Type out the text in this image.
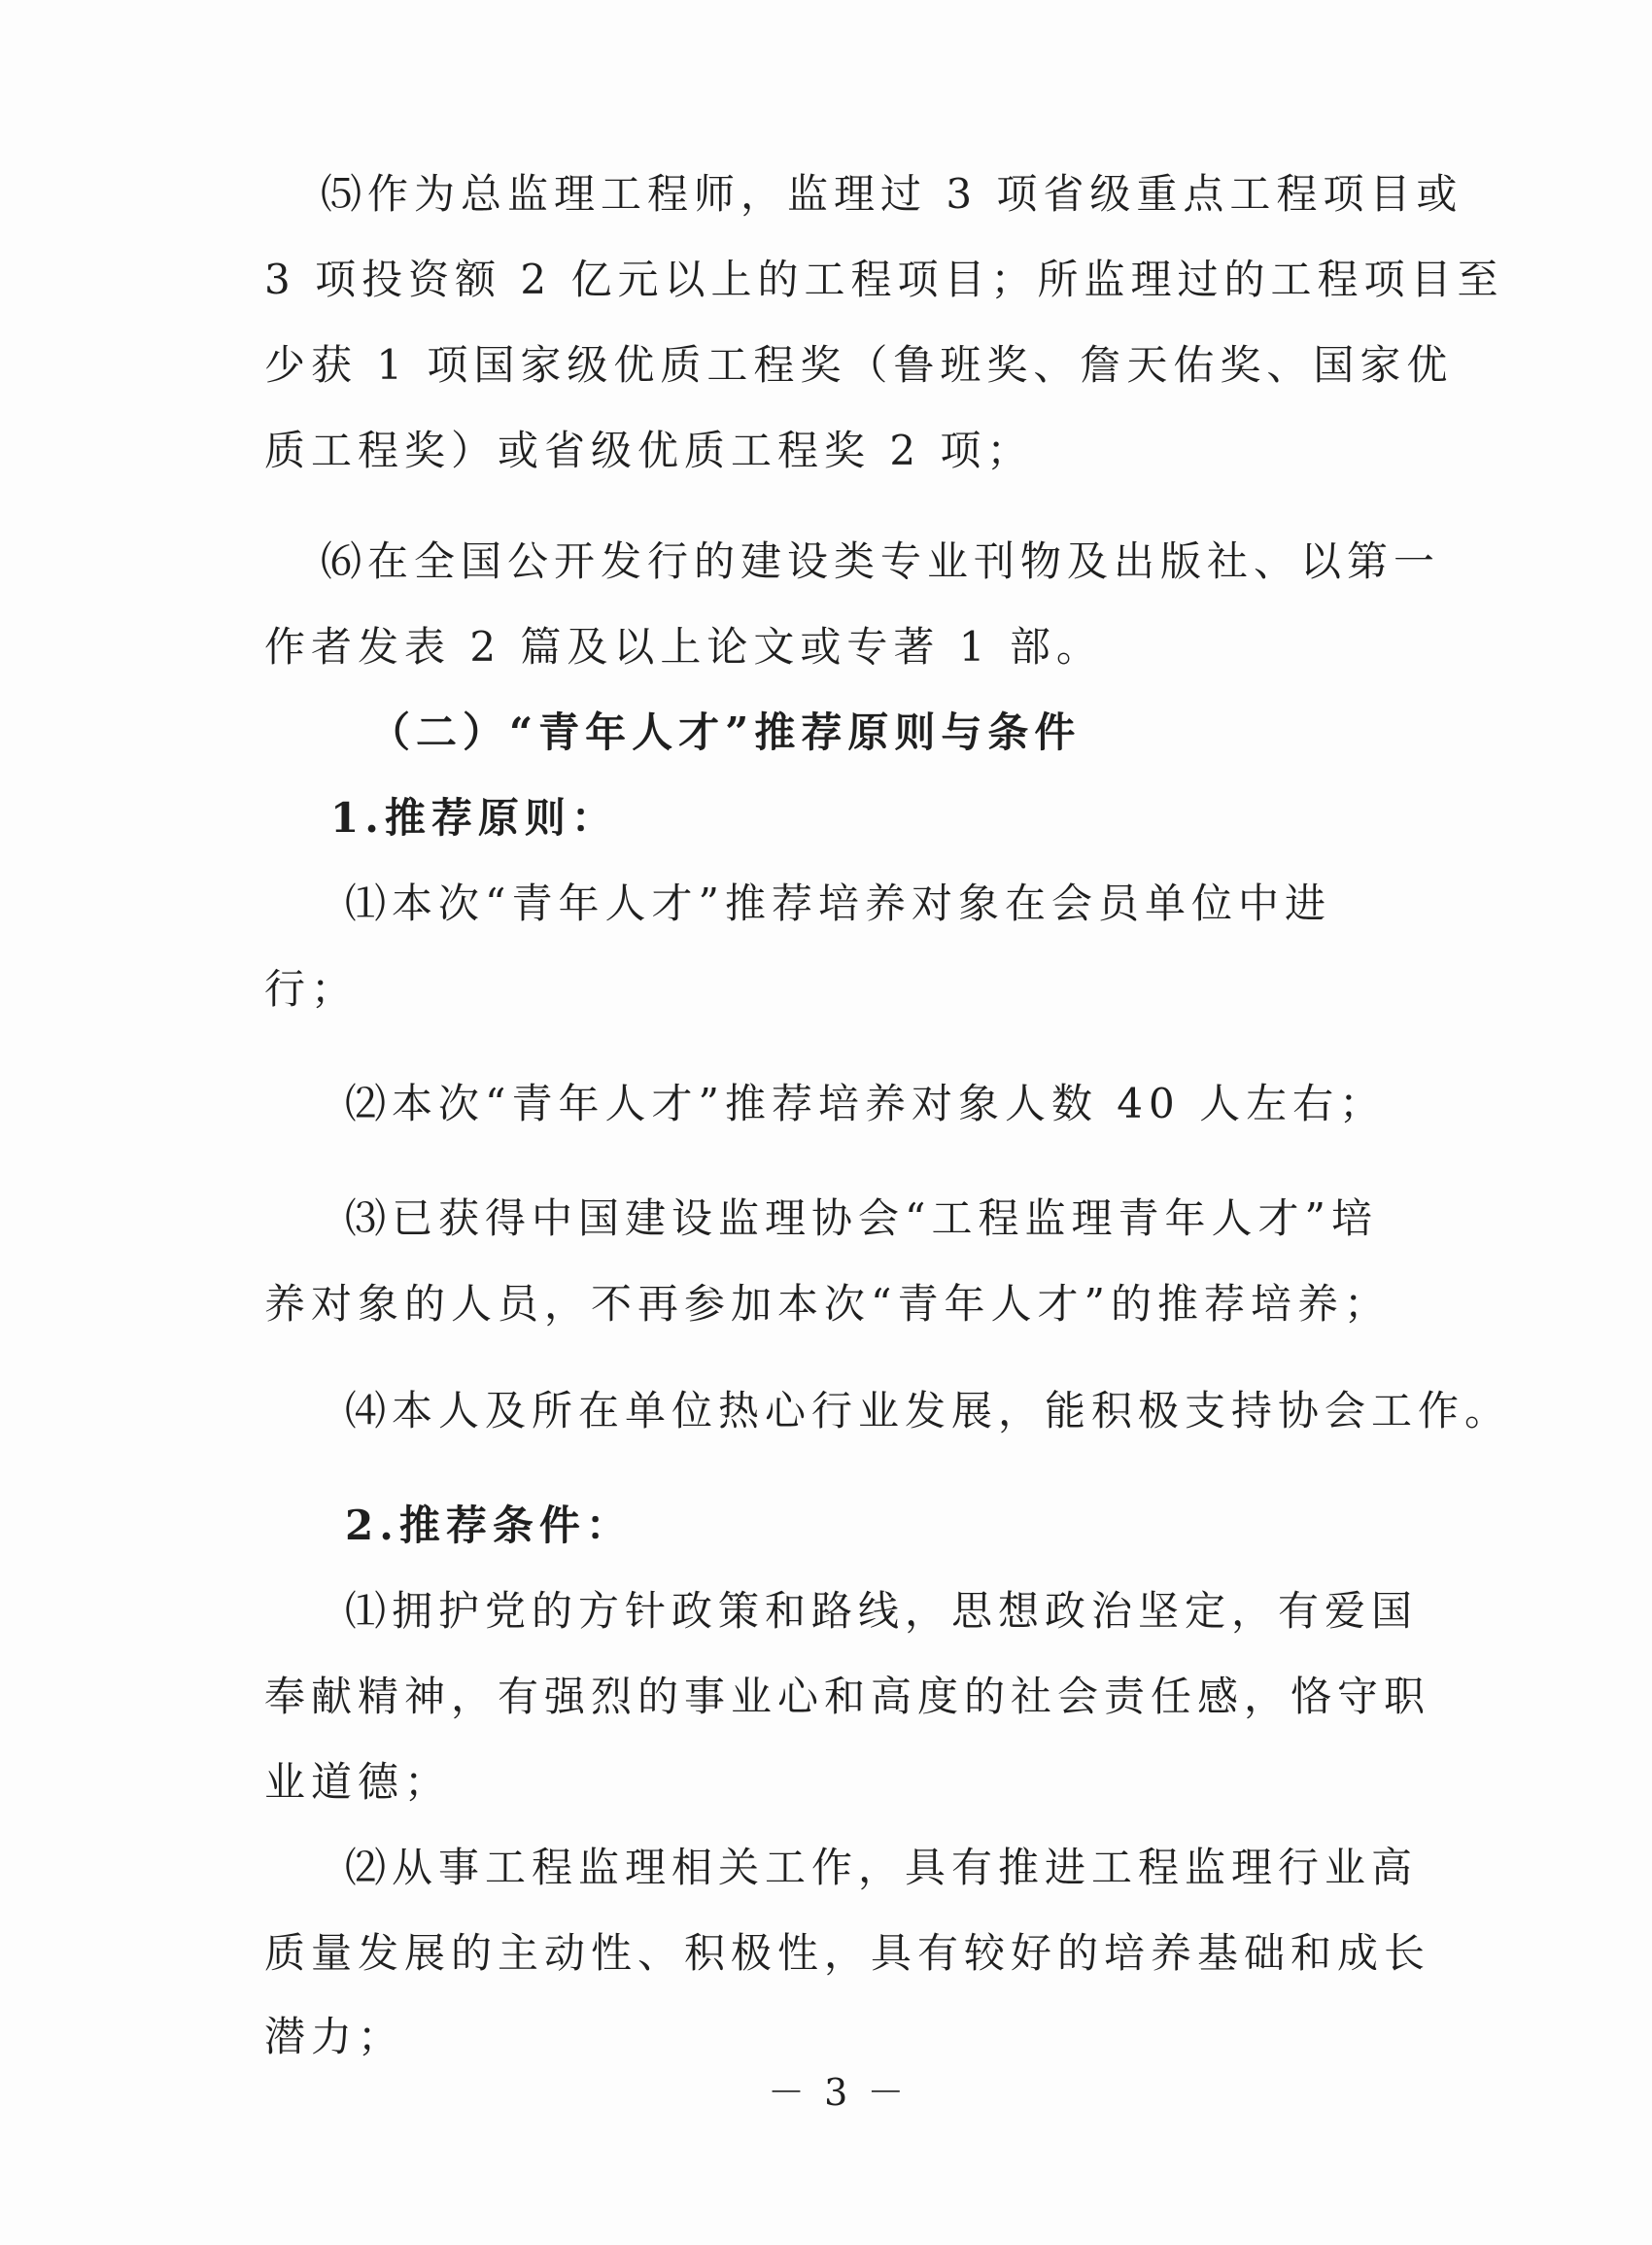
⑸作为总监理工程师，监理过 3 项省级重点工程项目或
3 项投资额 2 亿元以上的工程项目；所监理过的工程项目至
少获 1 项国家级优质工程奖（鲁班奖、詹天佑奖、国家优
质工程奖）或省级优质工程奖 2 项；
⑹在全国公开发行的建设类专业刊物及出版社、以第一
作者发表 2 篇及以上论文或专著 1 部。
（二）“青年人才”推荐原则与条件
1.推荐原则：
⑴本次“青年人才”推荐培养对象在会员单位中进
行；
⑵本次“青年人才”推荐培养对象人数 40 人左右；
⑶已获得中国建设监理协会“工程监理青年人才”培
养对象的人员，不再参加本次“青年人才”的推荐培养；
⑷本人及所在单位热心行业发展，能积极支持协会工作。
2.推荐条件：
⑴拥护党的方针政策和路线，思想政治坚定，有爱国
奉献精神，有强烈的事业心和高度的社会责任感，恪守职
业道德；
⑵从事工程监理相关工作，具有推进工程监理行业高
质量发展的主动性、积极性，具有较好的培养基础和成长
潜力；
－ 3 －
